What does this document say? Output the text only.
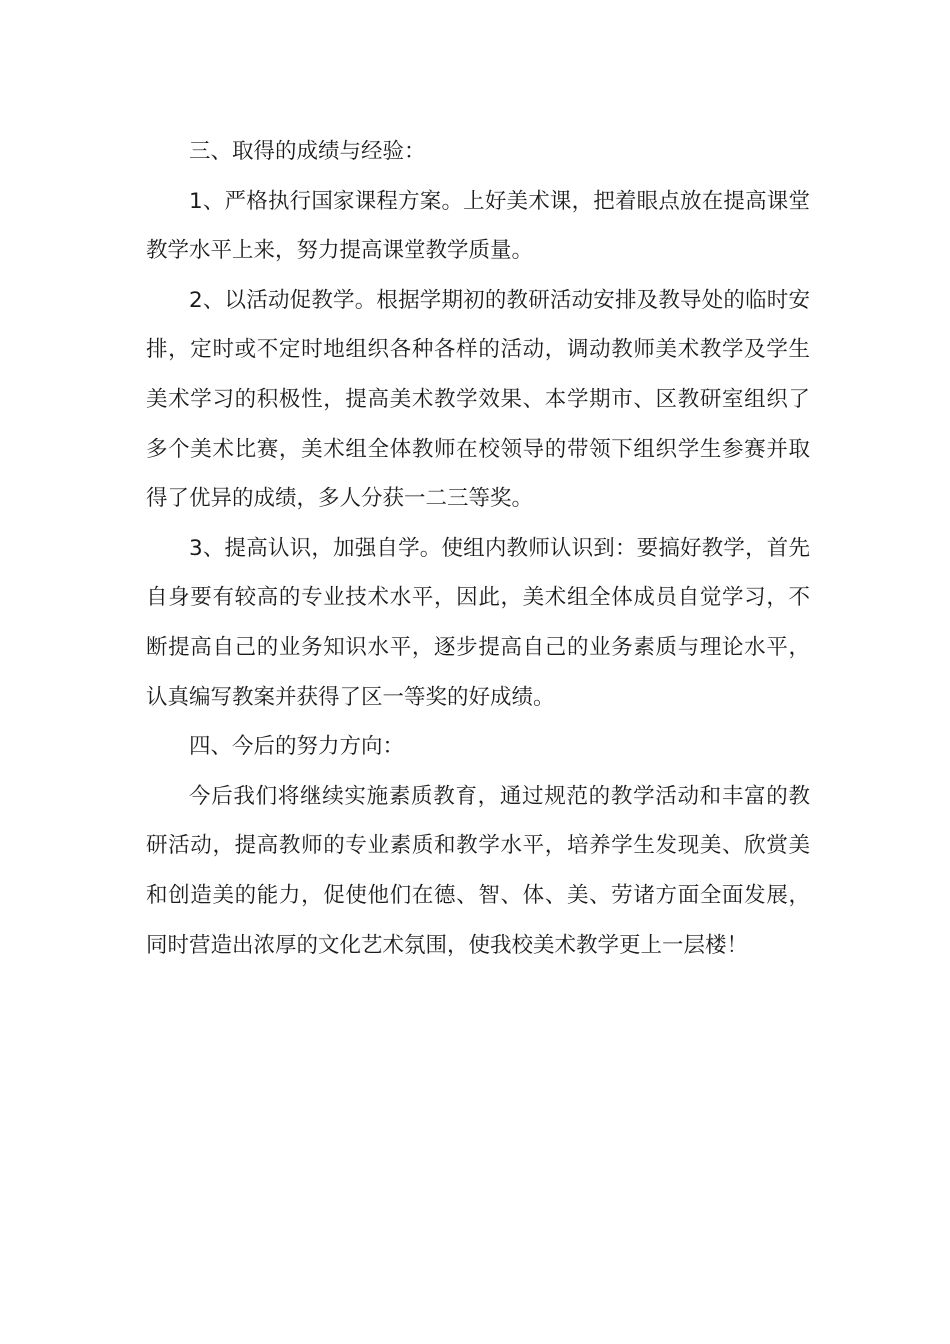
三、取得的成绩与经验：

1、严格执行国家课程方案。上好美术课，把着眼点放在提高课堂教学水平上来，努力提高课堂教学质量。

2、以活动促教学。根据学期初的教研活动安排及教导处的临时安排，定时或不定时地组织各种各样的活动，调动教师美术教学及学生美术学习的积极性，提高美术教学效果、本学期市、区教研室组织了多个美术比赛，美术组全体教师在校领导的带领下组织学生参赛并取得了优异的成绩，多人分获一二三等奖。

3、提高认识，加强自学。使组内教师认识到：要搞好教学，首先自身要有较高的专业技术水平，因此，美术组全体成员自觉学习，不断提高自己的业务知识水平，逐步提高自己的业务素质与理论水平，认真编写教案并获得了区一等奖的好成绩。

四、今后的努力方向：

今后我们将继续实施素质教育，通过规范的教学活动和丰富的教研活动，提高教师的专业素质和教学水平，培养学生发现美、欣赏美和创造美的能力，促使他们在德、智、体、美、劳诸方面全面发展，同时营造出浓厚的文化艺术氛围，使我校美术教学更上一层楼！
